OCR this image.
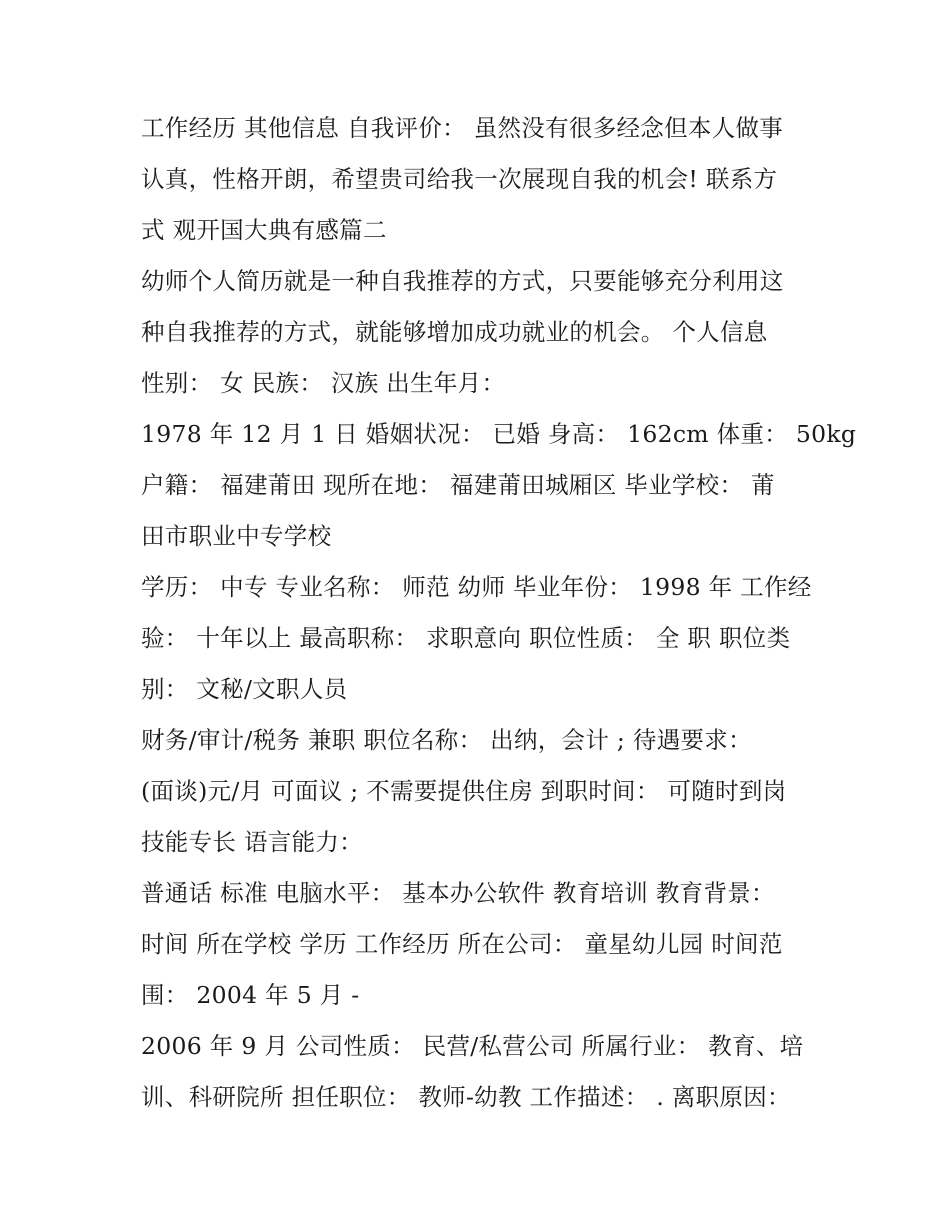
工作经历 其他信息 自我评价： 虽然没有很多经念但本人做事
认真，性格开朗，希望贵司给我一次展现自我的机会! 联系方
式 观开国大典有感篇二
幼师个人简历就是一种自我推荐的方式，只要能够充分利用这
种自我推荐的方式，就能够增加成功就业的机会。 个人信息
性别： 女 民族： 汉族 出生年月：
1978 年 12 月 1 日 婚姻状况： 已婚 身高： 162cm 体重： 50kg
户籍： 福建莆田 现所在地： 福建莆田城厢区 毕业学校： 莆
田市职业中专学校
学历： 中专 专业名称： 师范 幼师 毕业年份： 1998 年 工作经
验： 十年以上 最高职称： 求职意向 职位性质： 全 职 职位类
别： 文秘/文职人员
财务/审计/税务 兼职 职位名称： 出纳，会计 ; 待遇要求：
(面谈)元/月 可面议 ; 不需要提供住房 到职时间： 可随时到岗
技能专长 语言能力：
普通话 标准 电脑水平： 基本办公软件 教育培训 教育背景：
时间 所在学校 学历 工作经历 所在公司： 童星幼儿园 时间范
围： 2004 年 5 月 -
2006 年 9 月 公司性质： 民营/私营公司 所属行业： 教育、培
训、科研院所 担任职位： 教师-幼教 工作描述： . 离职原因：
